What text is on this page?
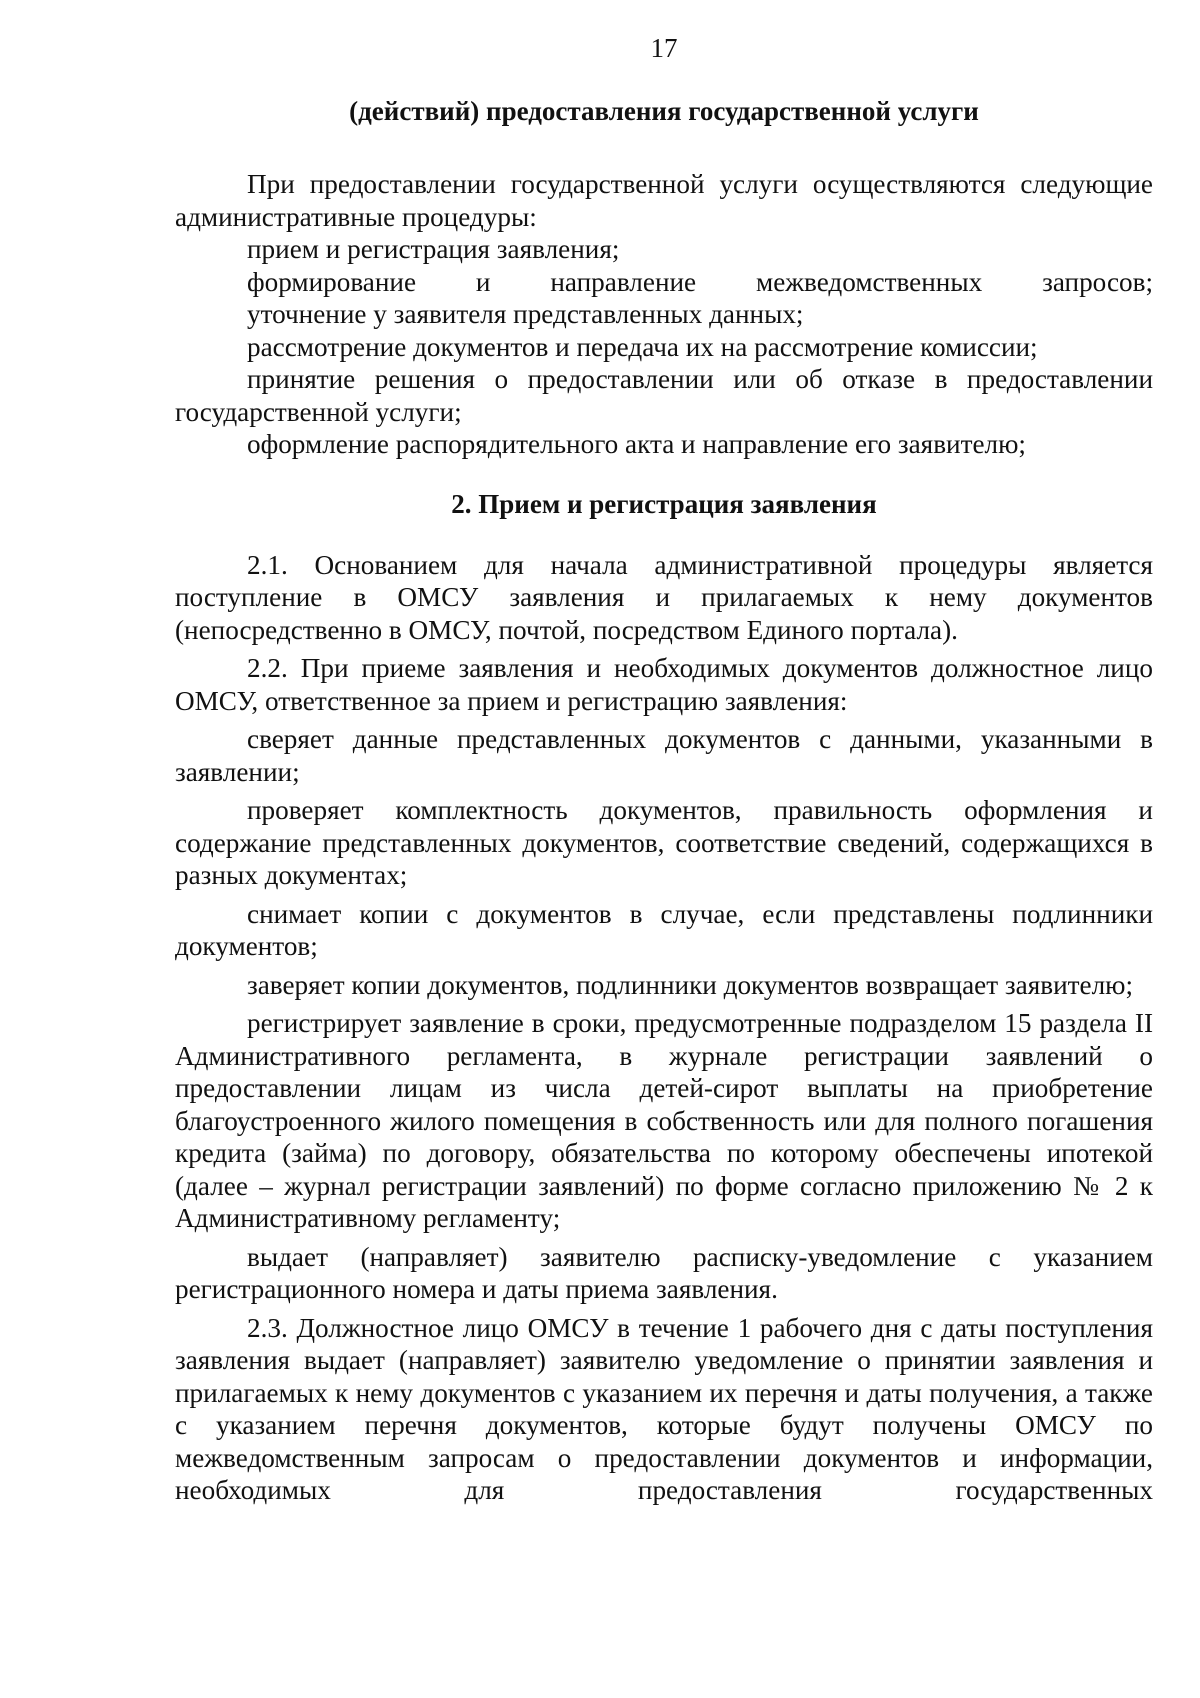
17
(действий) предоставления государственной услуги

При предоставлении государственной услуги осуществляются следующие административные процедуры:

прием и регистрация заявления;

формирование и направление межведомственных запросов;

уточнение у заявителя представленных данных;

рассмотрение документов и передача их на рассмотрение комиссии;

принятие решения о предоставлении или об отказе в предоставлении государственной услуги;

оформление распорядительного акта и направление его заявителю;

2. Прием и регистрация заявления

2.1. Основанием для начала административной процедуры является поступление в ОМСУ заявления и прилагаемых к нему документов (непосредственно в ОМСУ, почтой, посредством Единого портала).

2.2. При приеме заявления и необходимых документов должностное лицо ОМСУ, ответственное за прием и регистрацию заявления:

сверяет данные представленных документов с данными, указанными в заявлении;

проверяет комплектность документов, правильность оформления и содержание представленных документов, соответствие сведений, содержащихся в разных документах;

снимает копии с документов в случае, если представлены подлинники документов;

заверяет копии документов, подлинники документов возвращает заявителю;

регистрирует заявление в сроки, предусмотренные подразделом 15 раздела II Административного регламента, в журнале регистрации заявлений о предоставлении лицам из числа детей-сирот выплаты на приобретение благоустроенного жилого помещения в собственность или для полного погашения кредита (займа) по договору, обязательства по которому обеспечены ипотекой (далее – журнал регистрации заявлений) по форме согласно приложению № 2 к Административному регламенту;

выдает (направляет) заявителю расписку-уведомление с указанием регистрационного номера и даты приема заявления.

2.3. Должностное лицо ОМСУ в течение 1 рабочего дня с даты поступления заявления выдает (направляет) заявителю уведомление о принятии заявления и прилагаемых к нему документов с указанием их перечня и даты получения, а также с указанием перечня документов, которые будут получены ОМСУ по межведомственным запросам о предоставлении документов и информации, необходимых для предоставления государственных
